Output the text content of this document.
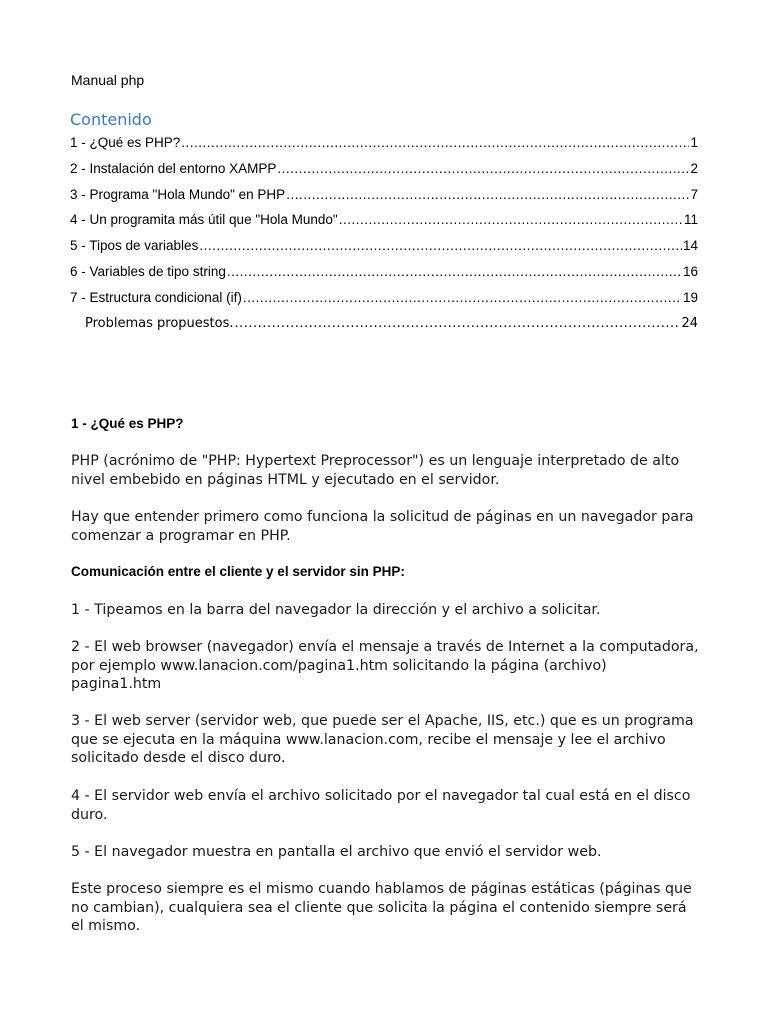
Manual php
Contenido
1 - ¿Qué es PHP? .....	1
2 - Instalación del entorno XAMPP .....	2
3 - Programa "Hola Mundo" en PHP .....	7
4 - Un programita más útil que "Hola Mundo" .....	11
5 - Tipos de variables .....	14
6 - Variables de tipo string .....	16
7 - Estructura condicional (if) .....	19
Problemas propuestos. .....	24
1 - ¿Qué es PHP?

PHP (acrónimo de "PHP: Hypertext Preprocessor") es un lenguaje interpretado de alto nivel embebido en páginas HTML y ejecutado en el servidor.

Hay que entender primero como funciona la solicitud de páginas en un navegador para comenzar a programar en PHP.

Comunicación entre el cliente y el servidor sin PHP:

1 - Tipeamos en la barra del navegador la dirección y el archivo a solicitar.

2 - El web browser (navegador) envía el mensaje a través de Internet a la computadora, por ejemplo www.lanacion.com/pagina1.htm solicitando la página (archivo) pagina1.htm

3 - El web server (servidor web, que puede ser el Apache, IIS, etc.) que es un programa que se ejecuta en la máquina www.lanacion.com, recibe el mensaje y lee el archivo solicitado desde el disco duro.

4 - El servidor web envía el archivo solicitado por el navegador tal cual está en el disco duro.

5 - El navegador muestra en pantalla el archivo que envió el servidor web.

Este proceso siempre es el mismo cuando hablamos de páginas estáticas (páginas que no cambian), cualquiera sea el cliente que solicita la página el contenido siempre será el mismo.
